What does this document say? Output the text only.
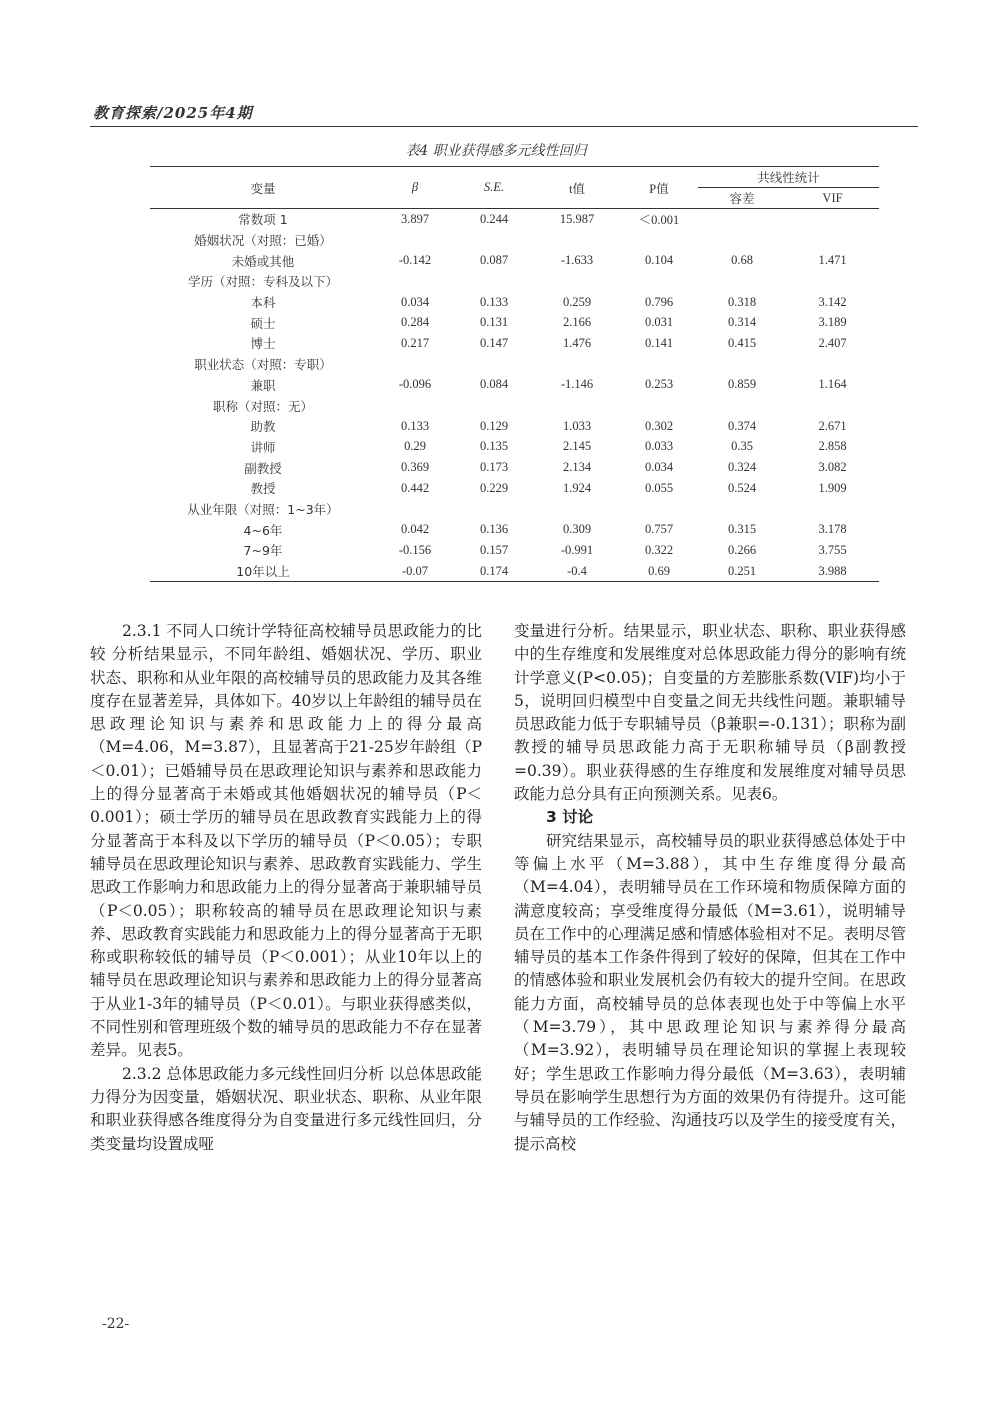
教育探索/2025年4期
表4 职业获得感多元线性回归
变量	β	S.E.	t值	P值	共线性统计	
					容差	VIF
常数项 1	3.897	0.244	15.987	＜0.001		
婚姻状况（对照：已婚）						
未婚或其他	-0.142	0.087	-1.633	0.104	0.68	1.471
学历（对照：专科及以下）						
本科	0.034	0.133	0.259	0.796	0.318	3.142
硕士	0.284	0.131	2.166	0.031	0.314	3.189
博士	0.217	0.147	1.476	0.141	0.415	2.407
职业状态（对照：专职）						
兼职	-0.096	0.084	-1.146	0.253	0.859	1.164
职称（对照：无）						
助教	0.133	0.129	1.033	0.302	0.374	2.671
讲师	0.29	0.135	2.145	0.033	0.35	2.858
副教授	0.369	0.173	2.134	0.034	0.324	3.082
教授	0.442	0.229	1.924	0.055	0.524	1.909
从业年限（对照：1~3年）						
4~6年	0.042	0.136	0.309	0.757	0.315	3.178
7~9年	-0.156	0.157	-0.991	0.322	0.266	3.755
10年以上	-0.07	0.174	-0.4	0.69	0.251	3.988

2.3.1 不同人口统计学特征高校辅导员思政能力的比较 分析结果显示，不同年龄组、婚姻状况、学历、职业状态、职称和从业年限的高校辅导员的思政能力及其各维度存在显著差异，具体如下。40岁以上年龄组的辅导员在思政理论知识与素养和思政能力上的得分最高（M=4.06，M=3.87），且显著高于21-25岁年龄组（P＜0.01）；已婚辅导员在思政理论知识与素养和思政能力上的得分显著高于未婚或其他婚姻状况的辅导员（P＜0.001）；硕士学历的辅导员在思政教育实践能力上的得分显著高于本科及以下学历的辅导员（P＜0.05）；专职辅导员在思政理论知识与素养、思政教育实践能力、学生思政工作影响力和思政能力上的得分显著高于兼职辅导员（P＜0.05）；职称较高的辅导员在思政理论知识与素养、思政教育实践能力和思政能力上的得分显著高于无职称或职称较低的辅导员（P＜0.001）；从业10年以上的辅导员在思政理论知识与素养和思政能力上的得分显著高于从业1-3年的辅导员（P＜0.01）。与职业获得感类似，不同性别和管理班级个数的辅导员的思政能力不存在显著差异。见表5。

2.3.2 总体思政能力多元线性回归分析 以总体思政能力得分为因变量，婚姻状况、职业状态、职称、从业年限和职业获得感各维度得分为自变量进行多元线性回归，分类变量均设置成哑

变量进行分析。结果显示，职业状态、职称、职业获得感中的生存维度和发展维度对总体思政能力得分的影响有统计学意义(P<0.05)；自变量的方差膨胀系数(VIF)均小于5，说明回归模型中自变量之间无共线性问题。兼职辅导员思政能力低于专职辅导员（β兼职=-0.131）；职称为副教授的辅导员思政能力高于无职称辅导员（β副教授=0.39）。职业获得感的生存维度和发展维度对辅导员思政能力总分具有正向预测关系。见表6。

3 讨论

研究结果显示，高校辅导员的职业获得感总体处于中等偏上水平（M=3.88），其中生存维度得分最高（M=4.04），表明辅导员在工作环境和物质保障方面的满意度较高；享受维度得分最低（M=3.61），说明辅导员在工作中的心理满足感和情感体验相对不足。表明尽管辅导员的基本工作条件得到了较好的保障，但其在工作中的情感体验和职业发展机会仍有较大的提升空间。在思政能力方面，高校辅导员的总体表现也处于中等偏上水平（M=3.79），其中思政理论知识与素养得分最高（M=3.92），表明辅导员在理论知识的掌握上表现较好；学生思政工作影响力得分最低（M=3.63），表明辅导员在影响学生思想行为方面的效果仍有待提升。这可能与辅导员的工作经验、沟通技巧以及学生的接受度有关，提示高校

-22-
